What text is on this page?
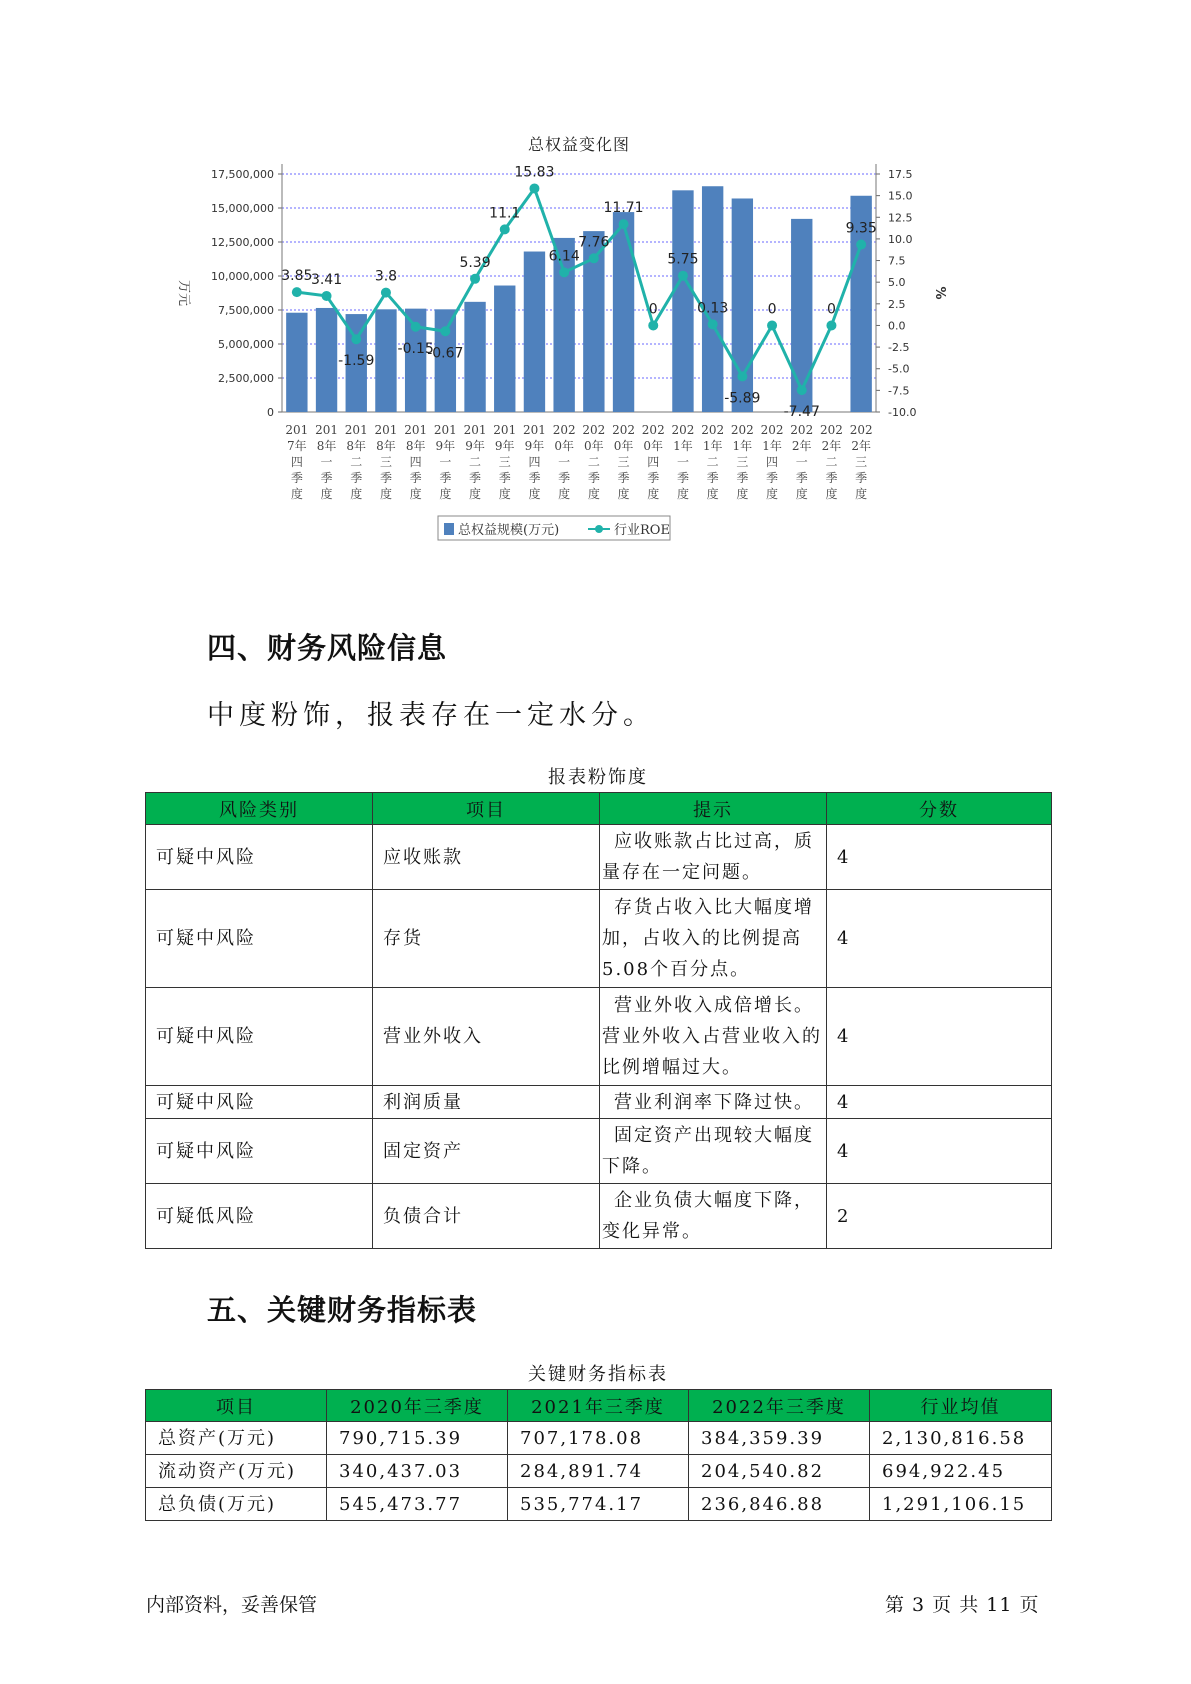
总权益变化图
0
2,500,000
5,000,000
7,500,000
10,000,000
12,500,000
15,000,000
17,500,000
-10.0
-7.5
-5.0
-2.5
0.0
2.5
5.0
7.5
10.0
12.5
15.0
17.5
万元	%
201 7年四季度
201 8年一季度
201 8年二季度
201 8年三季度
201 8年四季度
201 9年一季度
201 9年二季度
201 9年三季度
201 9年四季度
202 0年一季度
202 0年二季度
202 0年三季度
202 0年四季度
202 1年一季度
202 1年二季度
202 1年三季度
202 1年四季度
202 2年一季度
202 2年二季度
202 2年三季度
3.85
3.41
-1.59
3.8
-0.15
-0.67
5.39
11.1
15.83
6.14
7.76
11.71
0
5.75
0.13
-5.89
0
-7.47
0
9.35
总权益规模(万元)	行业ROE
四、财务风险信息
中度粉饰，报表存在一定水分。
报表粉饰度
风险类别	项目	提示	分数
可疑中风险	应收账款	应收账款占比过高，质量存在一定问题。	4
可疑中风险	存货	存货占收入比大幅度增加，占收入的比例提高5.08个百分点。	4
可疑中风险	营业外收入	营业外收入成倍增长。营业外收入占营业收入的比例增幅过大。	4
可疑中风险	利润质量	营业利润率下降过快。	4
可疑中风险	固定资产	固定资产出现较大幅度下降。	4
可疑低风险	负债合计	企业负债大幅度下降，变化异常。	2
五、关键财务指标表
关键财务指标表
项目	2020年三季度	2021年三季度	2022年三季度	行业均值
总资产(万元)	790,715.39	707,178.08	384,359.39	2,130,816.58
流动资产(万元)	340,437.03	284,891.74	204,540.82	694,922.45
总负债(万元)	545,473.77	535,774.17	236,846.88	1,291,106.15
内部资料，妥善保管	第 3 页 共 11 页
